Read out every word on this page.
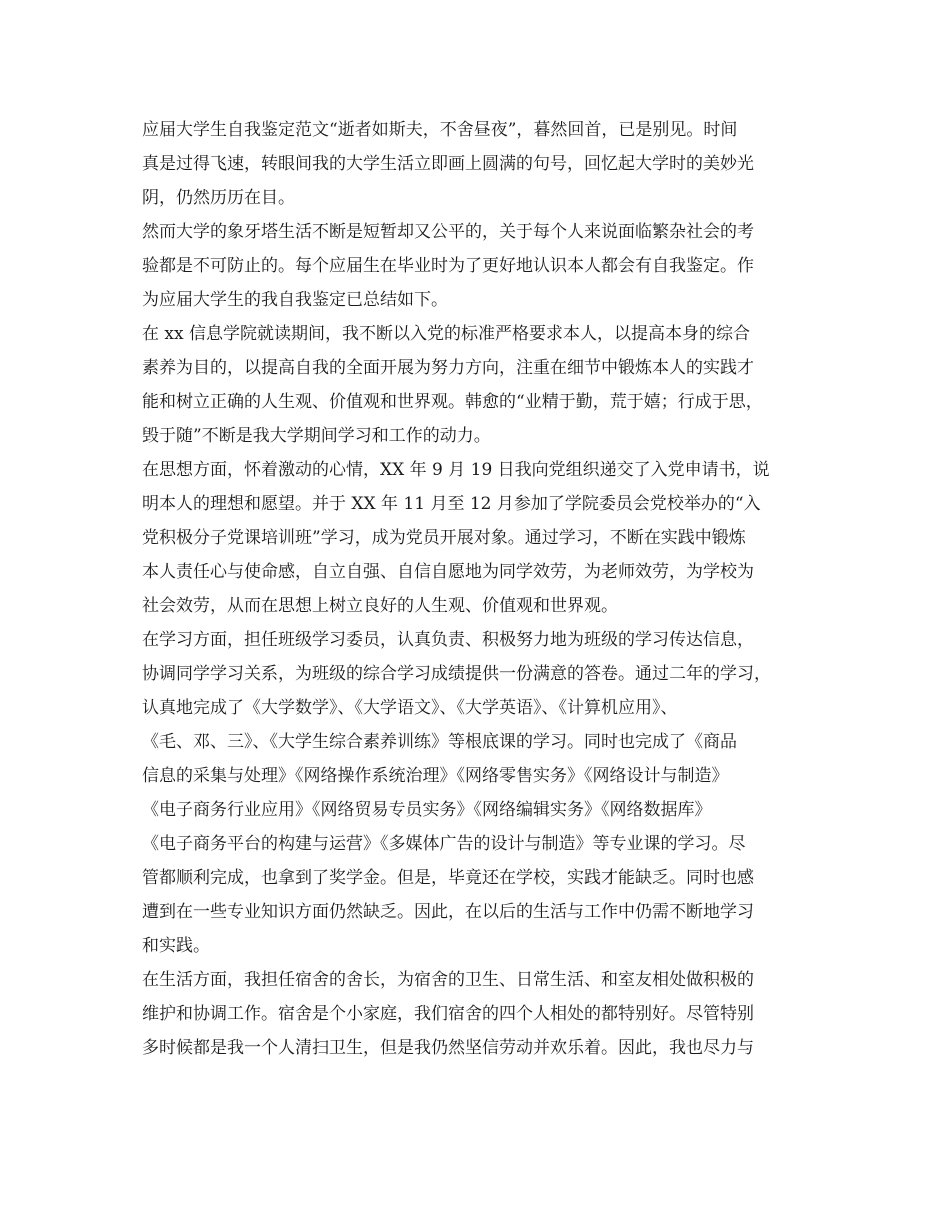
应届大学生自我鉴定范文“逝者如斯夫，不舍昼夜”，暮然回首，已是别见。时间
真是过得飞速，转眼间我的大学生活立即画上圆满的句号，回忆起大学时的美妙光
阴，仍然历历在目。
然而大学的象牙塔生活不断是短暂却又公平的，关于每个人来说面临繁杂社会的考
验都是不可防止的。每个应届生在毕业时为了更好地认识本人都会有自我鉴定。作
为应届大学生的我自我鉴定已总结如下。
在 xx 信息学院就读期间，我不断以入党的标准严格要求本人，以提高本身的综合
素养为目的，以提高自我的全面开展为努力方向，注重在细节中锻炼本人的实践才
能和树立正确的人生观、价值观和世界观。韩愈的“业精于勤，荒于嬉；行成于思，
毁于随”不断是我大学期间学习和工作的动力。
在思想方面，怀着激动的心情，XX 年 9 月 19 日我向党组织递交了入党申请书，说
明本人的理想和愿望。并于 XX 年 11 月至 12 月参加了学院委员会党校举办的“入
党积极分子党课培训班”学习，成为党员开展对象。通过学习，不断在实践中锻炼
本人责任心与使命感，自立自强、自信自愿地为同学效劳，为老师效劳，为学校为
社会效劳，从而在思想上树立良好的人生观、价值观和世界观。
在学习方面，担任班级学习委员，认真负责、积极努力地为班级的学习传达信息，
协调同学学习关系，为班级的综合学习成绩提供一份满意的答卷。通过二年的学习，
认真地完成了《大学数学》、《大学语文》、《大学英语》、《计算机应用》、
《毛、邓、三》、《大学生综合素养训练》等根底课的学习。同时也完成了《商品
信息的采集与处理》《网络操作系统治理》《网络零售实务》《网络设计与制造》
《电子商务行业应用》《网络贸易专员实务》《网络编辑实务》《网络数据库》
《电子商务平台的构建与运营》《多媒体广告的设计与制造》等专业课的学习。尽
管都顺利完成，也拿到了奖学金。但是，毕竟还在学校，实践才能缺乏。同时也感
遭到在一些专业知识方面仍然缺乏。因此，在以后的生活与工作中仍需不断地学习
和实践。
在生活方面，我担任宿舍的舍长，为宿舍的卫生、日常生活、和室友相处做积极的
维护和协调工作。宿舍是个小家庭，我们宿舍的四个人相处的都特别好。尽管特别
多时候都是我一个人清扫卫生，但是我仍然坚信劳动并欢乐着。因此，我也尽力与
